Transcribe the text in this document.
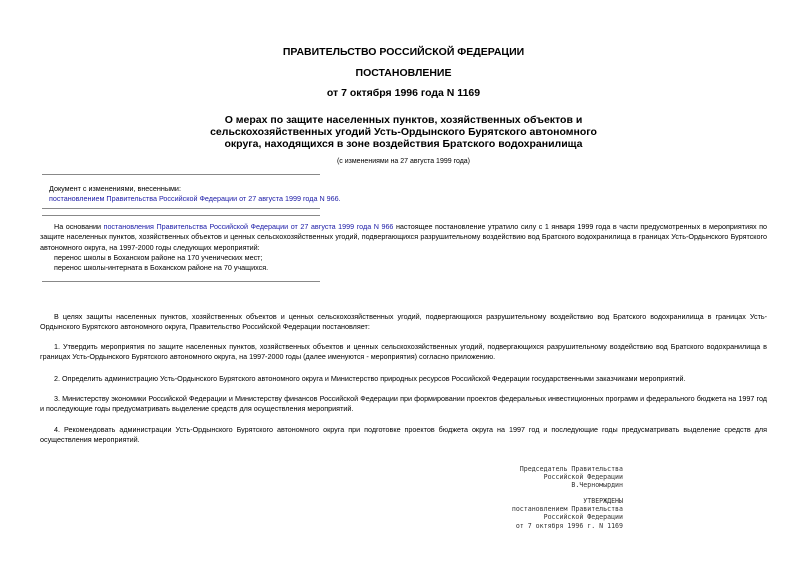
ПРАВИТЕЛЬСТВО РОССИЙСКОЙ ФЕДЕРАЦИИ
ПОСТАНОВЛЕНИЕ
от 7 октября 1996 года N 1169
О мерах по защите населенных пунктов, хозяйственных объектов и
сельскохозяйственных угодий Усть-Ордынского Бурятского автономного
округа, находящихся в зоне воздействия Братского водохранилища
(с изменениями на 27 августа 1999 года)
Документ с изменениями, внесенными:
постановлением Правительства Российской Федерации от 27 августа 1999 года N 966.
На основании постановления Правительства Российской Федерации от 27 августа 1999 года N 966 настоящее постановление утратило силу с 1 января 1999 года в части предусмотренных в мероприятиях по защите населенных пунктов, хозяйственных объектов и ценных сельскохозяйственных угодий, подвергающихся разрушительному воздействию вод Братского водохранилища в границах Усть-Ордынского Бурятского автономного округа, на 1997-2000 годы следующих мероприятий:
перенос школы в Боханском районе на 170 ученических мест;
перенос школы-интерната в Боханском районе на 70 учащихся.
В целях защиты населенных пунктов, хозяйственных объектов и ценных сельскохозяйственных угодий, подвергающихся разрушительному воздействию вод Братского водохранилища в границах Усть-Ордынского Бурятского автономного округа, Правительство Российской Федерации постановляет:
1. Утвердить мероприятия по защите населенных пунктов, хозяйственных объектов и ценных сельскохозяйственных угодий, подвергающихся разрушительному воздействию вод Братского водохранилища в границах Усть-Ордынского Бурятского автономного округа, на 1997-2000 годы (далее именуются - мероприятия) согласно приложению.
2. Определить администрацию Усть-Ордынского Бурятского автономного округа и Министерство природных ресурсов Российской Федерации государственными заказчиками мероприятий.
3. Министерству экономики Российской Федерации и Министерству финансов Российской Федерации при формировании проектов федеральных инвестиционных программ и федерального бюджета на 1997 год и последующие годы предусматривать выделение средств для осуществления мероприятий.
4. Рекомендовать администрации Усть-Ордынского Бурятского автономного округа при подготовке проектов бюджета округа на 1997 год и последующие годы предусматривать выделение средств для осуществления мероприятий.
Председатель Правительства
Российской Федерации
В.Черномырдин
УТВЕРЖДЕНЫ
постановлением Правительства
Российской Федерации
от 7 октября 1996 г. N 1169
